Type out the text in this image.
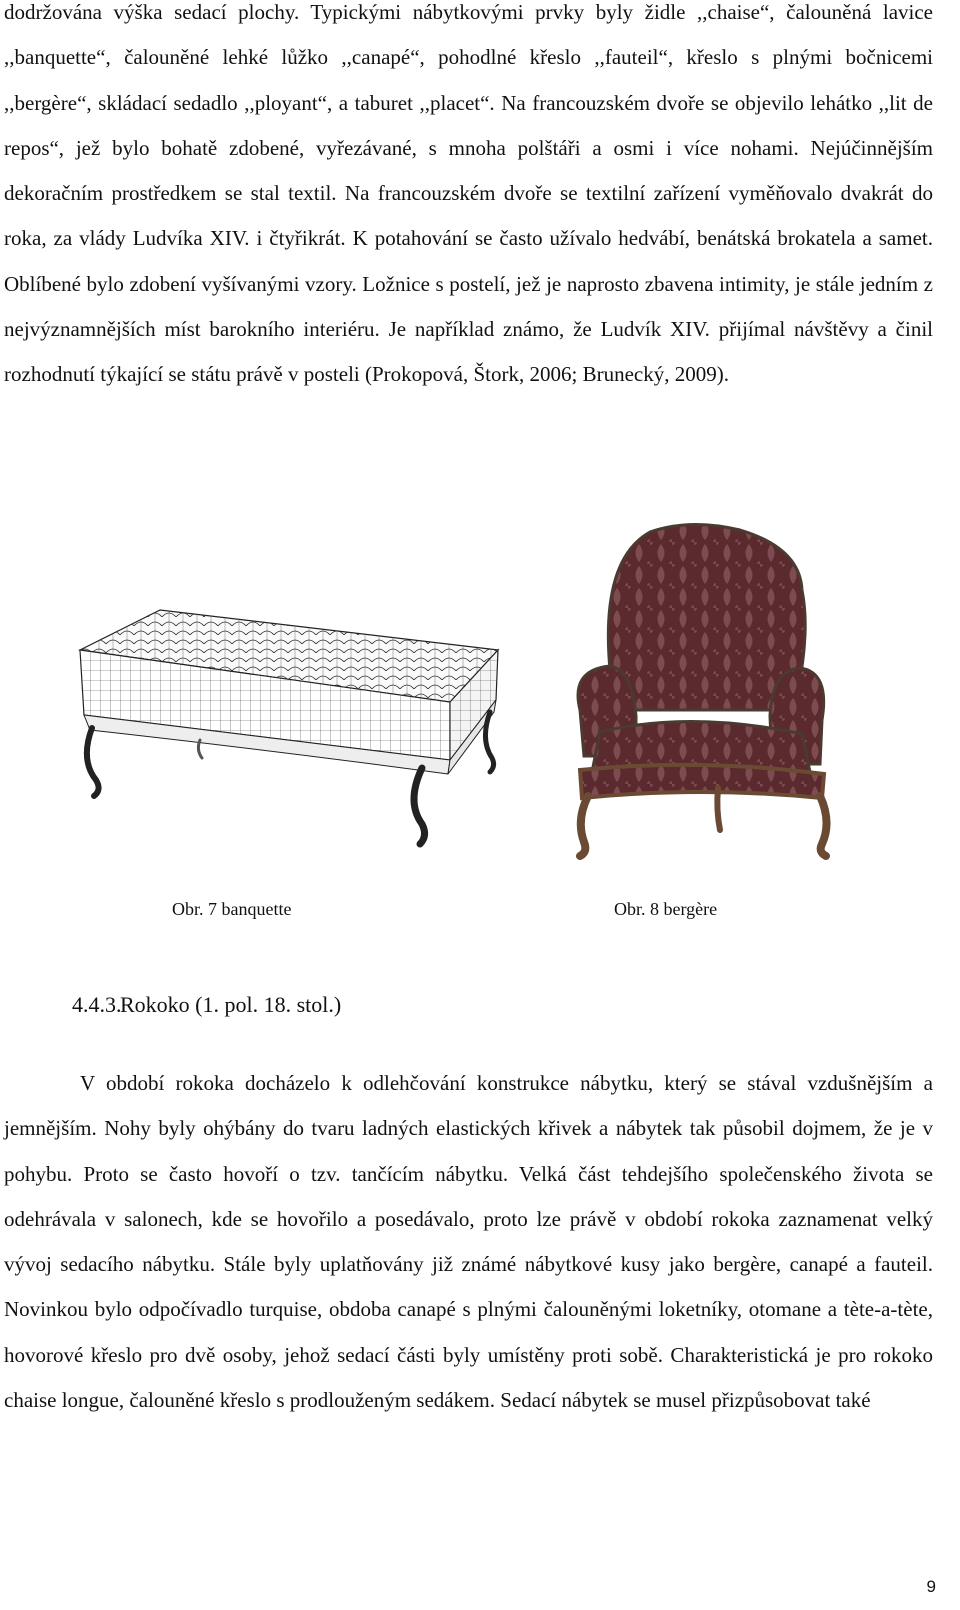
dodržována výška sedací plochy. Typickými nábytkovými prvky byly židle ,,chaise“, čalouněná lavice ,,banquette“, čalouněné lehké lůžko ,,canapé“, pohodlné křeslo ,,fauteil“, křeslo s plnými bočnicemi ,,bergère“, skládací sedadlo ,,ployant“, a taburet ,,placet“. Na francouzském dvoře se objevilo lehátko ,,lit de repos“, jež bylo bohatě zdobené, vyřezávané, s mnoha polštáři a osmi i více nohami. Nejúčinnějším dekoračním prostředkem se stal textil. Na francouzském dvoře se textilní zařízení vyměňovalo dvakrát do roka, za vlády Ludvíka XIV. i čtyřikrát. K potahování se často užívalo hedvábí, benátská brokatela a samet. Oblíbené bylo zdobení vyšívanými vzory. Ložnice s postelí, jež je naprosto zbavena intimity, je stále jedním z nejvýznamnějších míst barokního interiéru. Je například známo, že Ludvík XIV. přijímal návštěvy a činil rozhodnutí týkající se státu právě v posteli (Prokopová, Štork, 2006; Brunecký, 2009).

Obr. 7 banquette	Obr. 8 bergère
4.4.3.Rokoko (1. pol. 18. stol.)

V období rokoka docházelo k odlehčování konstrukce nábytku, který se stával vzdušnějším a jemnějším. Nohy byly ohýbány do tvaru ladných elastických křivek a nábytek tak působil dojmem, že je v pohybu. Proto se často hovoří o tzv. tančícím nábytku. Velká část tehdejšího společenského života se odehrávala v salonech, kde se hovořilo a posedávalo, proto lze právě v období rokoka zaznamenat velký vývoj sedacího nábytku. Stále byly uplatňovány již známé nábytkové kusy jako bergère, canapé a fauteil. Novinkou bylo odpočívadlo turquise, obdoba canapé s plnými čalouněnými loketníky, otomane a tète-a-tète, hovorové křeslo pro dvě osoby, jehož sedací části byly umístěny proti sobě. Charakteristická je pro rokoko chaise longue, čalouněné křeslo s prodlouženým sedákem. Sedací nábytek se musel přizpůsobovat také

9
